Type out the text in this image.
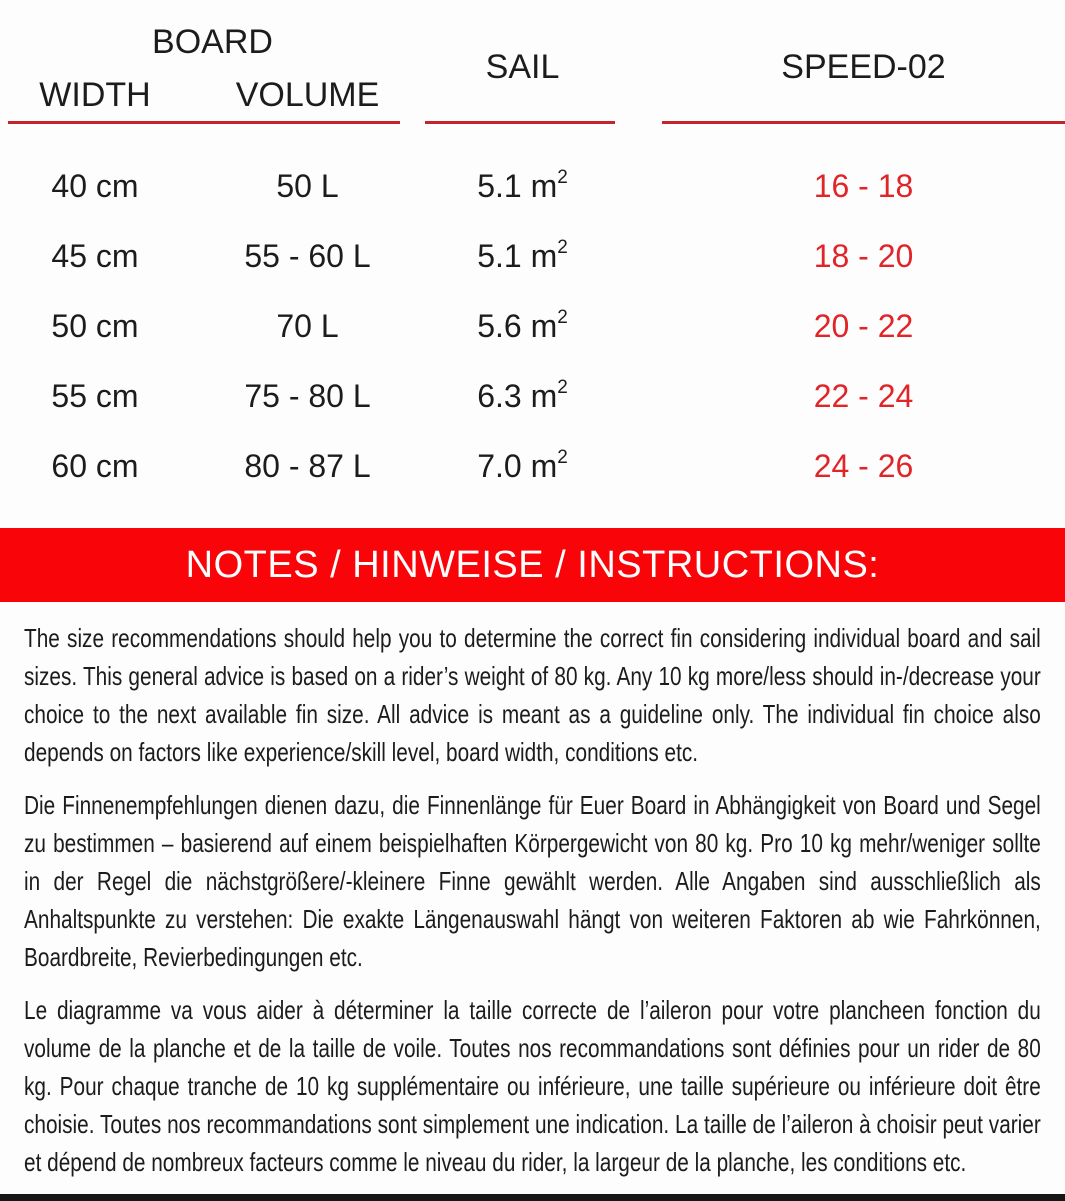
BOARD
WIDTH	VOLUME
SAIL	SPEED-02
40 cm	50 L	5.1 $m^2$	16 - 18
45 cm	55 - 60 L	5.1 $m^2$	18 - 20
50 cm	70 L	5.6 $m^2$	20 - 22
55 cm	75 - 80 L	6.3 $m^2$	22 - 24
60 cm	80 - 87 L	7.0 $m^2$	24 - 26
NOTES / HINWEISE / INSTRUCTIONS:

The size recommendations should help you to determine the correct fin considering individual board and sail sizes. This general advice is based on a rider’s weight of 80 kg. Any 10 kg more/less should in-/decrease your choice to the next available fin size. All advice is meant as a guideline only. The individual fin choice also depends on factors like experience/skill level, board width, conditions etc.

Die Finnenempfehlungen dienen dazu, die Finnenlänge für Euer Board in Abhängigkeit von Board und Segel zu bestimmen – basierend auf einem beispielhaften Körpergewicht von 80 kg. Pro 10 kg mehr/weniger sollte in der Regel die nächstgrößere/-kleinere Finne gewählt werden. Alle Angaben sind ausschließlich als Anhaltspunkte zu verstehen: Die exakte Längenauswahl hängt von weiteren Faktoren ab wie Fahrkönnen, Boardbreite, Revierbedingungen etc.

Le diagramme va vous aider à déterminer la taille correcte de l’aileron pour votre plancheen fonction du volume de la planche et de la taille de voile. Toutes nos recommandations sont définies pour un rider de 80 kg. Pour chaque tranche de 10 kg supplémentaire ou inférieure, une taille supérieure ou inférieure doit être choisie. Toutes nos recommandations sont simplement une indication. La taille de l’aileron à choisir peut varier et dépend de nombreux facteurs comme le niveau du rider, la largeur de la planche, les conditions etc.
